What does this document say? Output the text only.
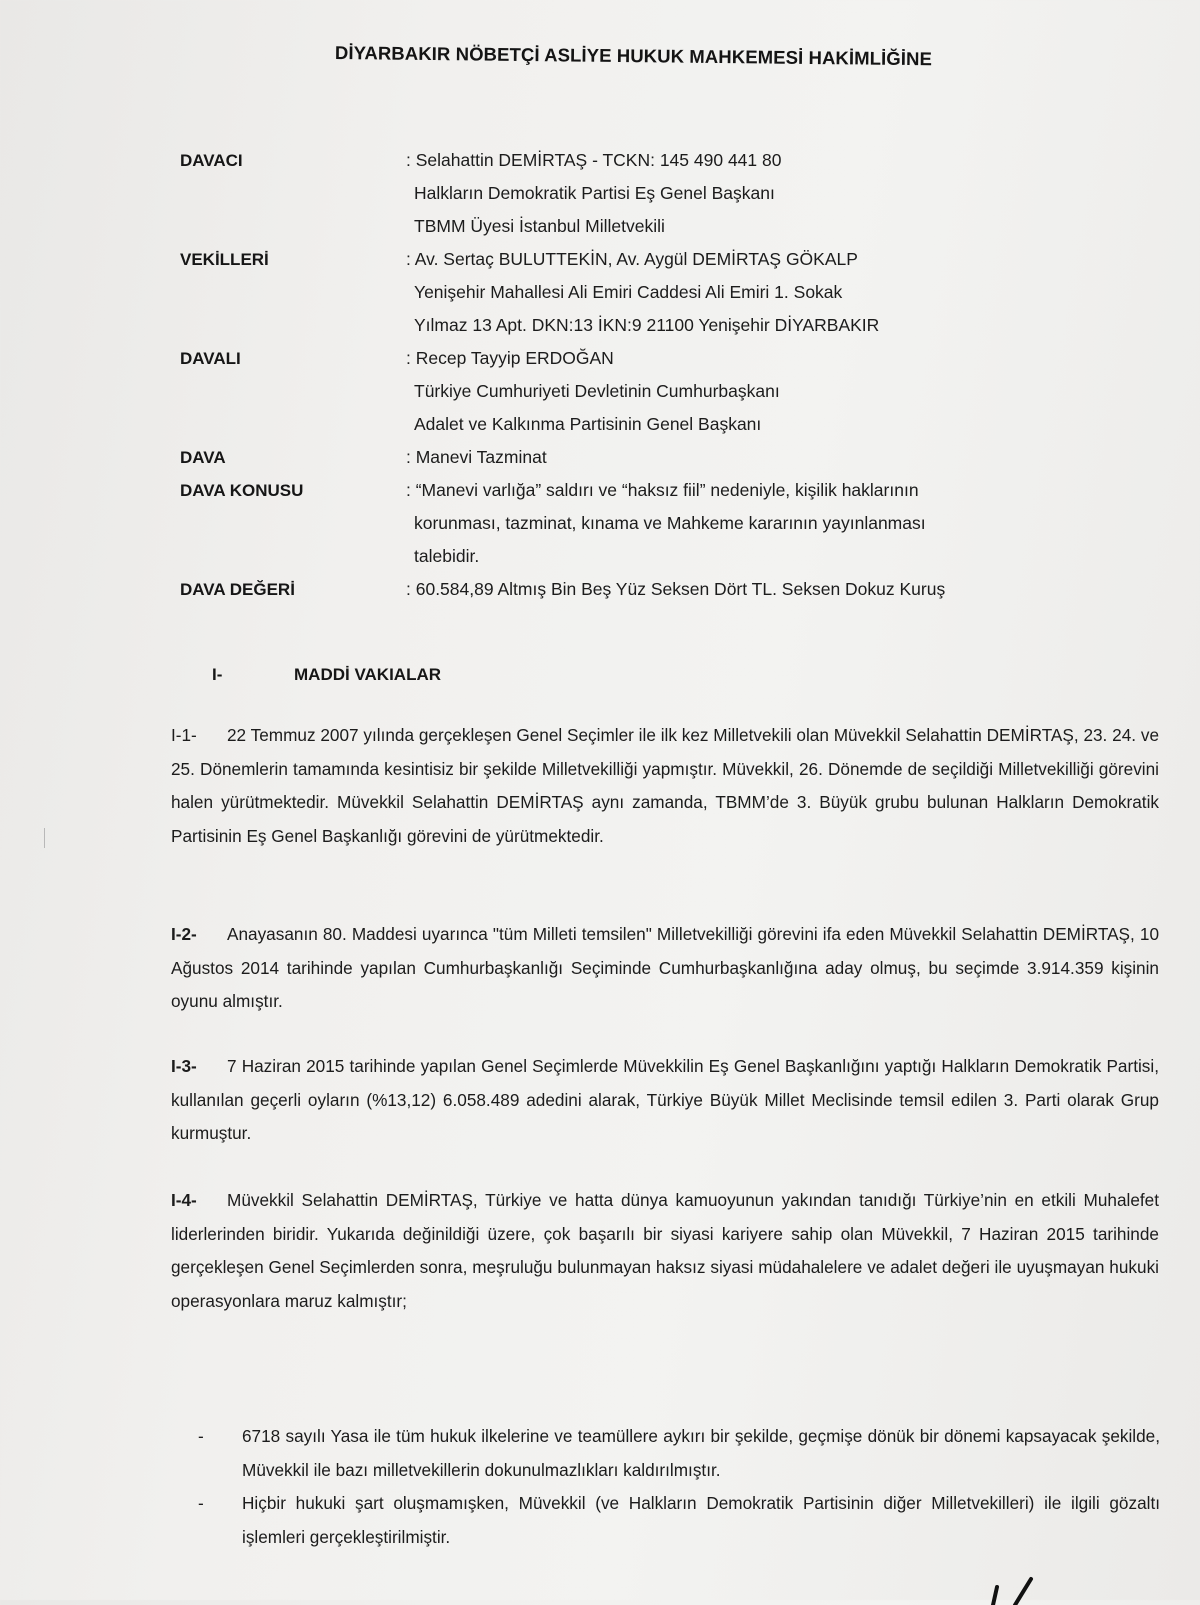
DİYARBAKIR NÖBETÇİ ASLİYE HUKUK MAHKEMESİ HAKİMLİĞİNE
DAVACI	: Selahattin DEMİRTAŞ - TCKN: 145 490 441 80
Halkların Demokratik Partisi Eş Genel Başkanı
TBMM Üyesi İstanbul Milletvekili
VEKİLLERİ	: Av. Sertaç BULUTTEKİN, Av. Aygül DEMİRTAŞ GÖKALP
Yenişehir Mahallesi Ali Emiri Caddesi Ali Emiri 1. Sokak
Yılmaz 13 Apt. DKN:13 İKN:9 21100 Yenişehir DİYARBAKIR
DAVALI	: Recep Tayyip ERDOĞAN
Türkiye Cumhuriyeti Devletinin Cumhurbaşkanı
Adalet ve Kalkınma Partisinin Genel Başkanı
DAVA	: Manevi Tazminat
DAVA KONUSU	: “Manevi varlığa” saldırı ve “haksız fiil” nedeniyle, kişilik haklarının
korunması, tazminat, kınama ve Mahkeme kararının yayınlanması
talebidir.
DAVA DEĞERİ	: 60.584,89 Altmış Bin Beş Yüz Seksen Dört TL. Seksen Dokuz Kuruş
I-	MADDİ VAKIALAR
I-1- 22 Temmuz 2007 yılında gerçekleşen Genel Seçimler ile ilk kez Milletvekili olan Müvekkil Selahattin DEMİRTAŞ, 23. 24. ve 25. Dönemlerin tamamında kesintisiz bir şekilde Milletvekilliği yapmıştır. Müvekkil, 26. Dönemde de seçildiği Milletvekilliği görevini halen yürütmektedir. Müvekkil Selahattin DEMİRTAŞ aynı zamanda, TBMM’de 3. Büyük grubu bulunan Halkların Demokratik Partisinin Eş Genel Başkanlığı görevini de yürütmektedir.
I-2- Anayasanın 80. Maddesi uyarınca "tüm Milleti temsilen" Milletvekilliği görevini ifa eden Müvekkil Selahattin DEMİRTAŞ, 10 Ağustos 2014 tarihinde yapılan Cumhurbaşkanlığı Seçiminde Cumhurbaşkanlığına aday olmuş, bu seçimde 3.914.359 kişinin oyunu almıştır.
I-3- 7 Haziran 2015 tarihinde yapılan Genel Seçimlerde Müvekkilin Eş Genel Başkanlığını yaptığı Halkların Demokratik Partisi, kullanılan geçerli oyların (%13,12) 6.058.489 adedini alarak, Türkiye Büyük Millet Meclisinde temsil edilen 3. Parti olarak Grup kurmuştur.
I-4- Müvekkil Selahattin DEMİRTAŞ, Türkiye ve hatta dünya kamuoyunun yakından tanıdığı Türkiye’nin en etkili Muhalefet liderlerinden biridir. Yukarıda değinildiği üzere, çok başarılı bir siyasi kariyere sahip olan Müvekkil, 7 Haziran 2015 tarihinde gerçekleşen Genel Seçimlerden sonra, meşruluğu bulunmayan haksız siyasi müdahalelere ve adalet değeri ile uyuşmayan hukuki operasyonlara maruz kalmıştır;
-	6718 sayılı Yasa ile tüm hukuk ilkelerine ve teamüllere aykırı bir şekilde, geçmişe dönük bir dönemi kapsayacak şekilde, Müvekkil ile bazı milletvekillerin dokunulmazlıkları kaldırılmıştır.
-	Hiçbir hukuki şart oluşmamışken, Müvekkil (ve Halkların Demokratik Partisinin diğer Milletvekilleri) ile ilgili gözaltı işlemleri gerçekleştirilmiştir.
